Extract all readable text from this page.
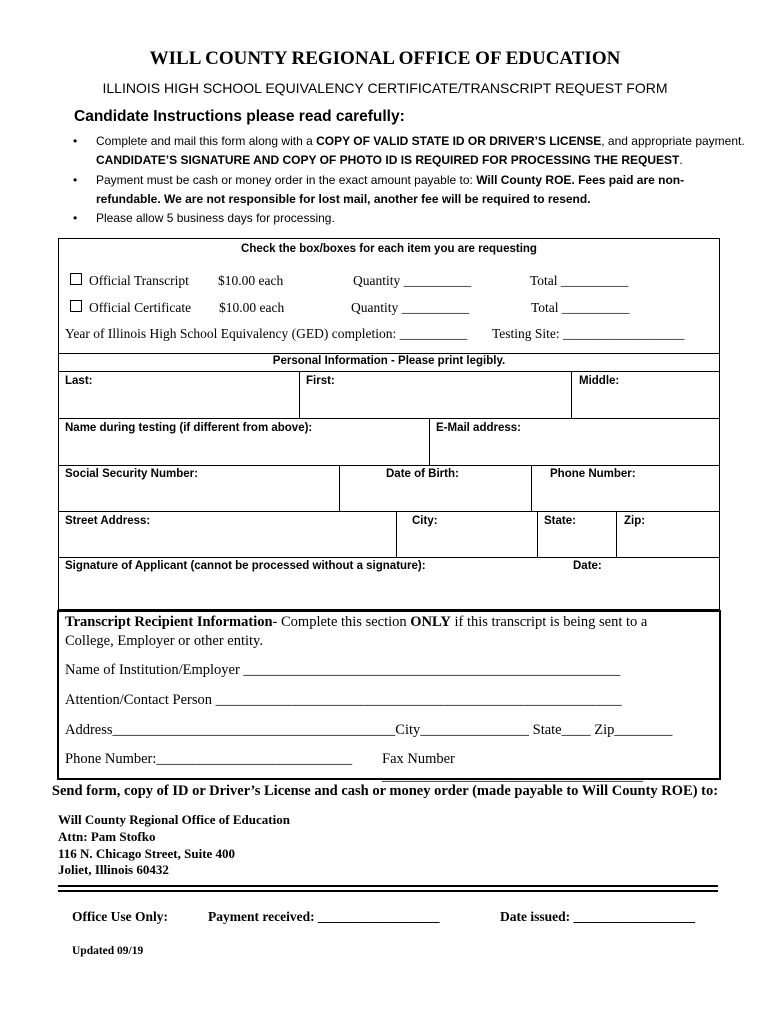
WILL COUNTY REGIONAL OFFICE OF EDUCATION
ILLINOIS HIGH SCHOOL EQUIVALENCY CERTIFICATE/TRANSCRIPT REQUEST FORM
Candidate Instructions please read carefully:
• Complete and mail this form along with a COPY OF VALID STATE ID OR DRIVER’S LICENSE, and appropriate payment.
CANDIDATE’S SIGNATURE AND COPY OF PHOTO ID IS REQUIRED FOR PROCESSING THE REQUEST.
• Payment must be cash or money order in the exact amount payable to: Will County ROE. Fees paid are non-
refundable. We are not responsible for lost mail, another fee will be required to resend.
• Please allow 5 business days for processing.
Check the box/boxes for each item you are requesting
Official Transcript $10.00 each	Quantity __________	Total __________
Official Certificate $10.00 each	Quantity __________	Total __________
Year of Illinois High School Equivalency (GED) completion: __________ Testing Site: __________________
Personal Information - Please print legibly.
Last:	First:	Middle:
Name during testing (if different from above):	E-Mail address:
Social Security Number:	Date of Birth:	Phone Number:
Street Address:	City:	State:	Zip:
Signature of Applicant (cannot be processed without a signature):	Date:
Transcript Recipient Information- Complete this section ONLY if this transcript is being sent to a
College, Employer or other entity.
Name of Institution/Employer ____________________________________________________
Attention/Contact Person ________________________________________________________
Address_______________________________________City_______________ State____ Zip________
Phone Number:___________________________ Fax Number ____________________________________
Send form, copy of ID or Driver’s License and cash or money order (made payable to Will County ROE) to:
Will County Regional Office of Education
Attn: Pam Stofko
116 N. Chicago Street, Suite 400
Joliet, Illinois 60432
Office Use Only:	Payment received: __________________	Date issued: __________________
Updated 09/19
